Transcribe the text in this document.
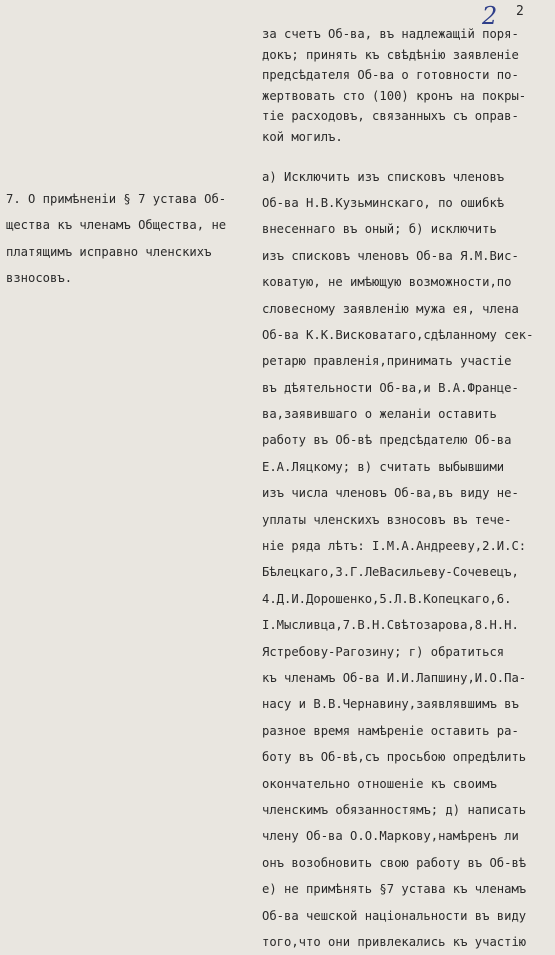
2 2
за счетъ Об-ва, въ надлежащiй поря-
докъ; принять къ свѣдѣнiю заявленiе
предсѣдателя Об-ва о готовности по-
жертвовать сто (100) кронъ на покры-
тiе расходовъ, связанныхъ съ оправ-
кой могилъ.
а) Исключить изъ списковъ членовъ
Об-ва Н.В.Кузьминскаго, по ошибкѣ
внесеннаго въ оный; б) исключить
изъ списковъ членовъ Об-ва Я.М.Вис-
коватую, не имѣющую возможности,по
словесному заявленiю мужа ея, члена
Об-ва К.К.Висковатаго,сдѣланному сек-
ретарю правленiя,принимать участiе
въ дѣятельности Об-ва,и В.А.Франце-
ва,заявившаго о желанiи оставить
работу въ Об-вѣ предсѣдателю Об-ва
Е.А.Ляцкому; в) считать выбывшими
изъ числа членовъ Об-ва,въ виду не-
уплаты членскихъ взносовъ въ тече-
нiе ряда лѣтъ: I.М.А.Андрееву,2.И.С:
Бѣлецкаго,3.Г.ЛеВасильеву-Сочевецъ,
4.Д.И.Дорошенко,5.Л.В.Копецкаго,6.
I.Мысливца,7.В.Н.Свѣтозарова,8.Н.Н.
Ястребову-Рагозину; г) обратиться
къ членамъ Об-ва И.И.Лапшину,И.О.Па-
насу и В.В.Чернавину,заявлявшимъ въ
разное время намѣренiе оставить ра-
боту въ Об-вѣ,съ просьбою опредѣлить
окончательно отношенiе къ своимъ
членскимъ обязанностямъ; д) написать
члену Об-ва О.О.Маркову,намѣренъ ли
онъ возобновить свою работу въ Об-вѣ
е) не примѣнять §7 устава къ членамъ
Об-ва чешской нацiональности въ виду
того,что они привлекались къ участiю
7. О примѣненiи § 7 устава Об-
щества къ членамъ Общества, не
платящимъ исправно членскихъ
взносовъ.
